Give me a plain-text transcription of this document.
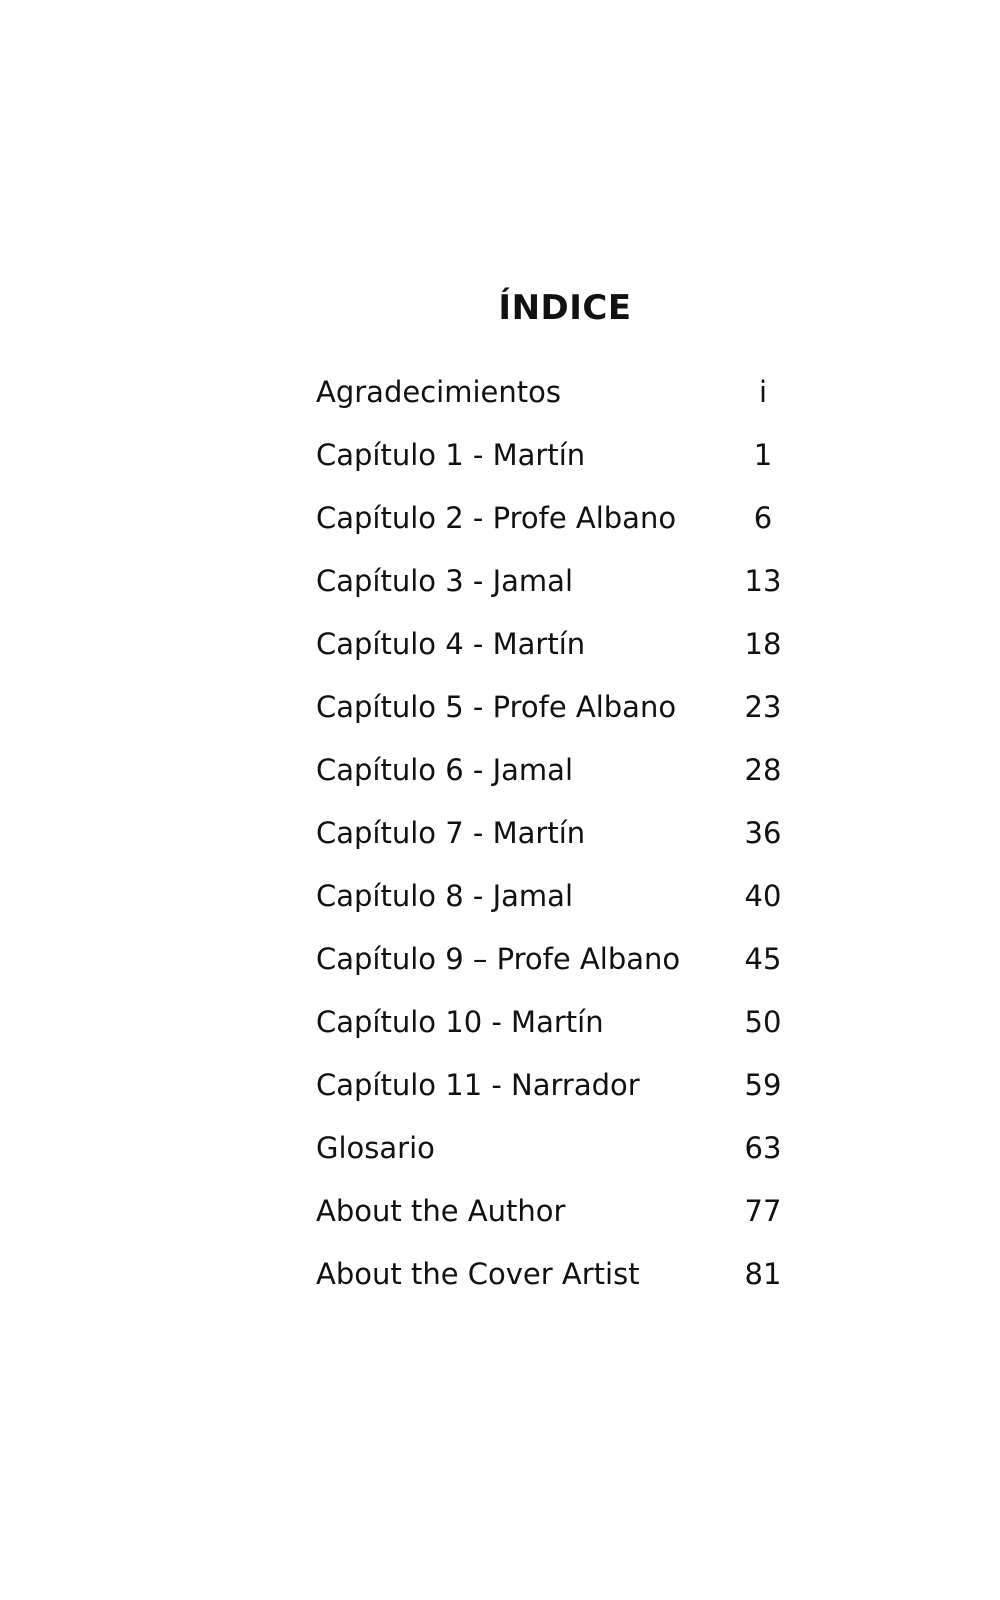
ÍNDICE
Agradecimientos	i
Capítulo 1 - Martín	1
Capítulo 2 - Profe Albano	6
Capítulo 3 - Jamal	13
Capítulo 4 - Martín	18
Capítulo 5 - Profe Albano	23
Capítulo 6 - Jamal	28
Capítulo 7 - Martín	36
Capítulo 8 - Jamal	40
Capítulo 9 – Profe Albano	45
Capítulo 10 - Martín	50
Capítulo 11 - Narrador	59
Glosario	63
About the Author	77
About the Cover Artist	81
